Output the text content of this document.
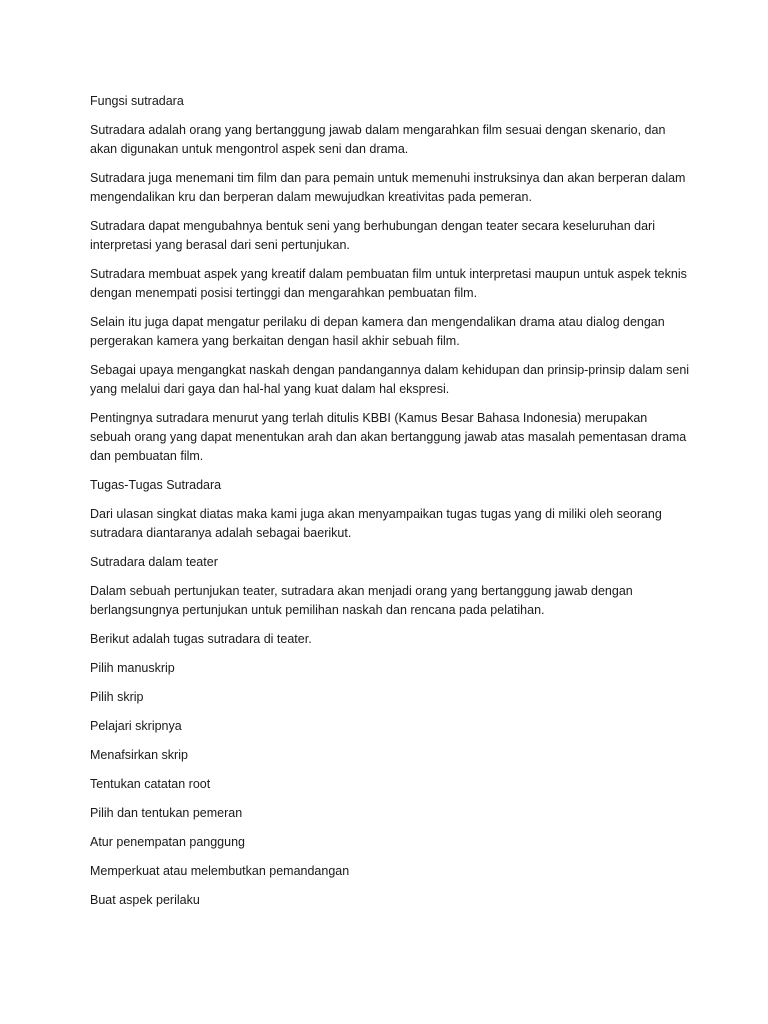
Fungsi sutradara

Sutradara adalah orang yang bertanggung jawab dalam mengarahkan film sesuai dengan skenario, dan akan digunakan untuk mengontrol aspek seni dan drama.

Sutradara juga menemani tim film dan para pemain untuk memenuhi instruksinya dan akan berperan dalam mengendalikan kru dan berperan dalam mewujudkan kreativitas pada pemeran.

Sutradara dapat mengubahnya bentuk seni yang berhubungan dengan teater secara keseluruhan dari interpretasi yang berasal dari seni pertunjukan.

Sutradara membuat aspek yang kreatif dalam pembuatan film untuk interpretasi maupun untuk aspek teknis dengan menempati posisi tertinggi dan mengarahkan pembuatan film.

Selain itu juga dapat mengatur perilaku di depan kamera dan mengendalikan drama atau dialog dengan pergerakan kamera yang berkaitan dengan hasil akhir sebuah film.

Sebagai upaya mengangkat naskah dengan pandangannya dalam kehidupan dan prinsip-prinsip dalam seni yang melalui dari gaya dan hal-hal yang kuat dalam hal ekspresi.

Pentingnya sutradara menurut yang terlah ditulis KBBI (Kamus Besar Bahasa Indonesia) merupakan sebuah orang yang dapat menentukan arah dan akan bertanggung jawab atas masalah pementasan drama dan pembuatan film.

Tugas-Tugas Sutradara

Dari ulasan singkat diatas maka kami juga akan menyampaikan tugas tugas yang di miliki oleh seorang sutradara diantaranya adalah sebagai baerikut.

Sutradara dalam teater

Dalam sebuah pertunjukan teater, sutradara akan menjadi orang yang bertanggung jawab dengan berlangsungnya pertunjukan untuk pemilihan naskah dan rencana pada pelatihan.

Berikut adalah tugas sutradara di teater.

Pilih manuskrip

Pilih skrip

Pelajari skripnya

Menafsirkan skrip

Tentukan catatan root

Pilih dan tentukan pemeran

Atur penempatan panggung

Memperkuat atau melembutkan pemandangan

Buat aspek perilaku
